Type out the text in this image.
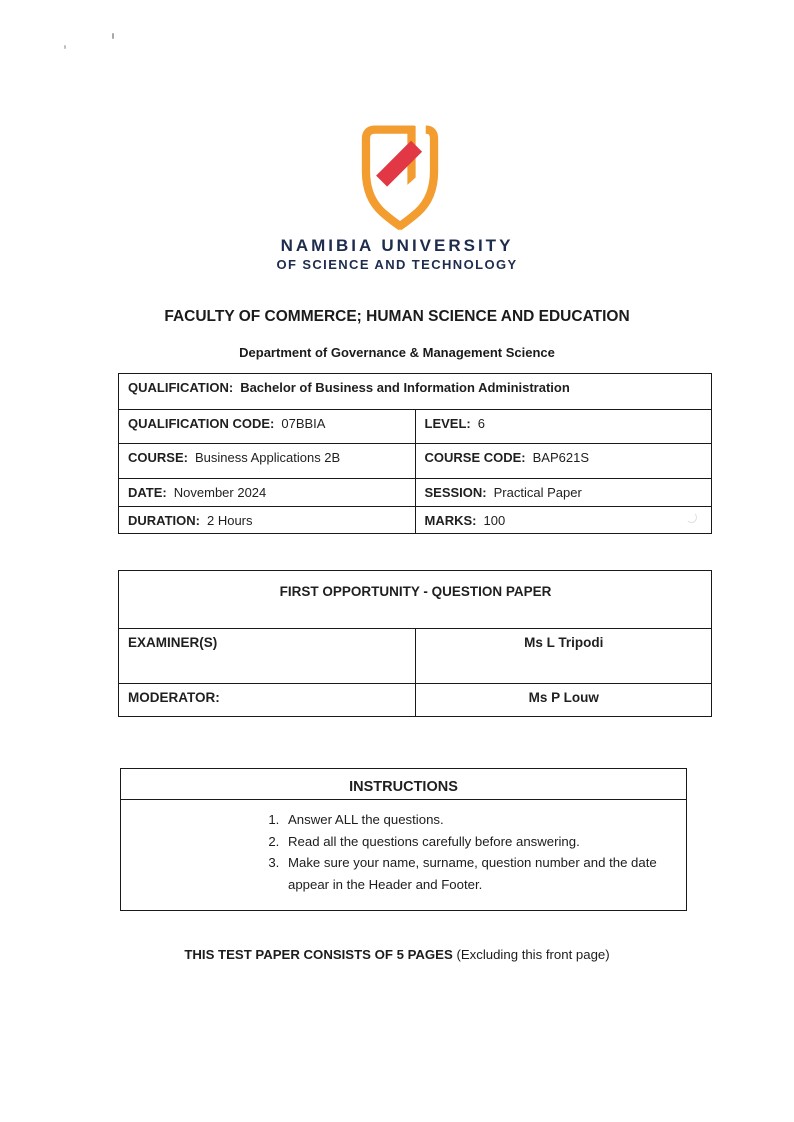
NAMIBIA UNIVERSITY
OF SCIENCE AND TECHNOLOGY
FACULTY OF COMMERCE; HUMAN SCIENCE AND EDUCATION
Department of Governance & Management Science
QUALIFICATION: Bachelor of Business and Information Administration	
QUALIFICATION CODE: 07BBIA	LEVEL: 6
COURSE: Business Applications 2B	COURSE CODE: BAP621S
DATE: November 2024	SESSION: Practical Paper
DURATION: 2 Hours	MARKS: 100
FIRST OPPORTUNITY - QUESTION PAPER	
EXAMINER(S)	Ms L Tripodi
MODERATOR:	Ms P Louw
INSTRUCTIONS
1. Answer ALL the questions.
2. Read all the questions carefully before answering.
3. Make sure your name, surname, question number and the date appear in the Header and Footer.
THIS TEST PAPER CONSISTS OF 5 PAGES (Excluding this front page)
